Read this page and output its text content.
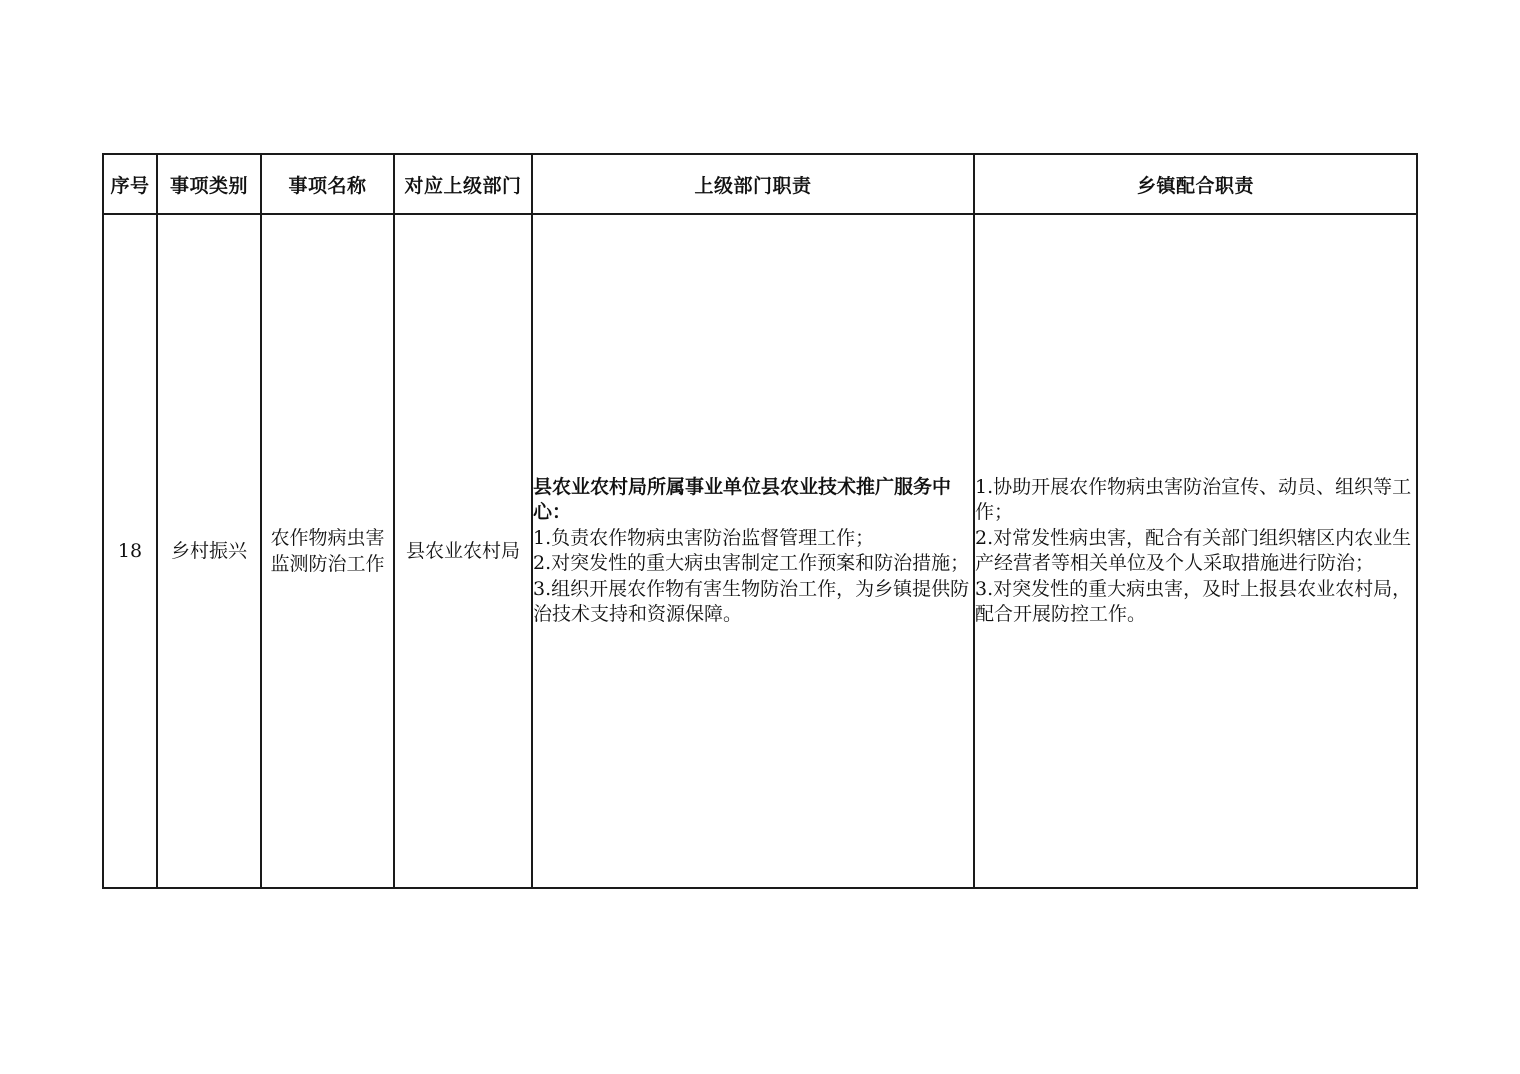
序号	事项类别	事项名称	对应上级部门	上级部门职责	乡镇配合职责
18	乡村振兴	农作物病虫害
监测防治工作	县农业农村局	县农业农村局所属事业单位县农业技术推广服务中心：
1.负责农作物病虫害防治监督管理工作；
2.对突发性的重大病虫害制定工作预案和防治措施；
3.组织开展农作物有害生物防治工作，为乡镇提供防治技术支持和资源保障。	1.协助开展农作物病虫害防治宣传、动员、组织等工作；
2.对常发性病虫害，配合有关部门组织辖区内农业生产经营者等相关单位及个人采取措施进行防治；
3.对突发性的重大病虫害，及时上报县农业农村局，配合开展防控工作。
